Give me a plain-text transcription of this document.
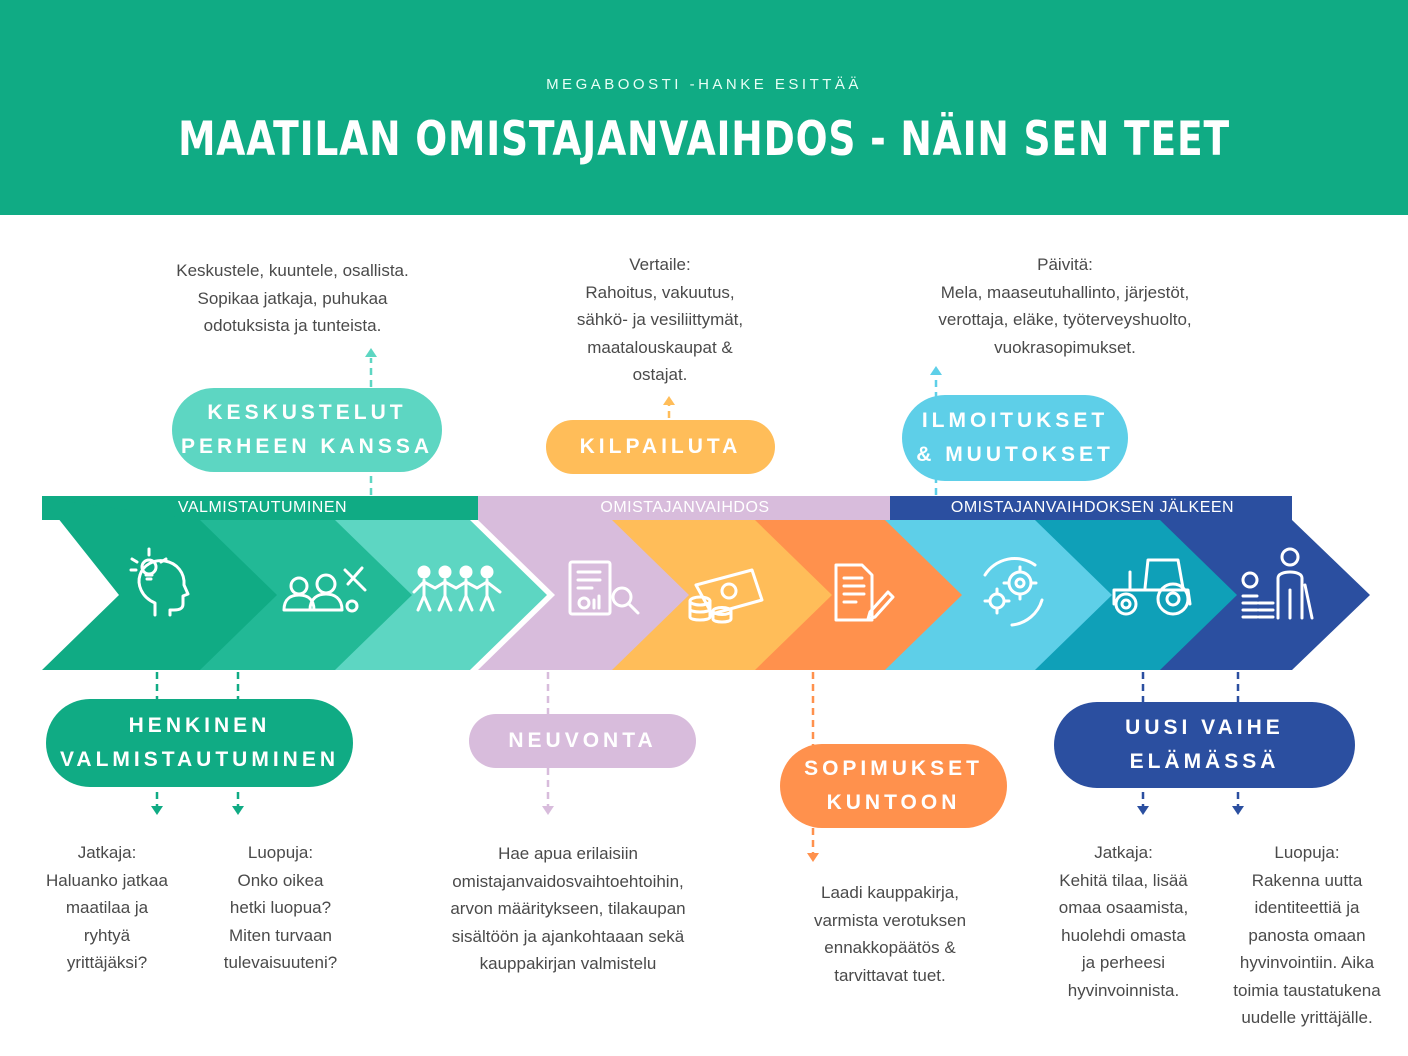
MEGABOOSTI -HANKE ESITTÄÄ
MAATILAN OMISTAJANVAIHDOS - NÄIN SEN TEET
VALMISTAUTUMINEN	OMISTAJANVAIHDOS	OMISTAJANVAIHDOKSEN JÄLKEEN
KESKUSTELUT
PERHEEN KANSSA	KILPAILUTA
ILMOITUKSET
& MUUTOKSET
HENKINEN
VALMISTAUTUMINEN
NEUVONTA
SOPIMUKSET
KUNTOON
UUSI VAIHE
ELÄMÄSSÄ
Keskustele, kuuntele, osallista.
Sopikaa jatkaja, puhukaa
odotuksista ja tunteista.
Vertaile:
Rahoitus, vakuutus,
sähkö- ja vesiliittymät,
maatalouskaupat &
ostajat.
Päivitä:
Mela, maaseutuhallinto, järjestöt,
verottaja, eläke, työterveyshuolto,
vuokrasopimukset.
Jatkaja:
Haluanko jatkaa
maatilaa ja
ryhtyä
yrittäjäksi?
Luopuja:
Onko oikea
hetki luopua?
Miten turvaan
tulevaisuuteni?
Hae apua erilaisiin
omistajanvaidosvaihtoehtoihin,
arvon määritykseen, tilakaupan
sisältöön ja ajankohtaaan sekä
kauppakirjan valmistelu
Laadi kauppakirja,
varmista verotuksen
ennakkopäätös &
tarvittavat tuet.
Jatkaja:
Kehitä tilaa, lisää
omaa osaamista,
huolehdi omasta
ja perheesi
hyvinvoinnista.
Luopuja:
Rakenna uutta
identiteettiä ja
panosta omaan
hyvinvointiin. Aika
toimia taustatukena
uudelle yrittäjälle.
